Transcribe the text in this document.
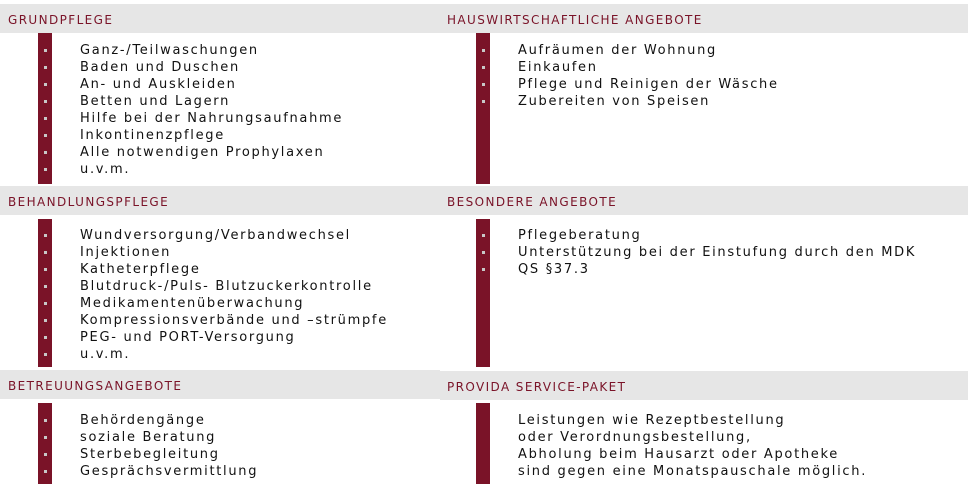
GRUNDPFLEGE	HAUSWIRTSCHAFTLICHE ANGEBOTE
Ganz-/Teilwaschungen
Baden und Duschen
An- und Auskleiden
Betten und Lagern
Hilfe bei der Nahrungsaufnahme
Inkontinenzpflege
Alle notwendigen Prophylaxen
u.v.m.
Aufräumen der Wohnung
Einkaufen
Pflege und Reinigen der Wäsche
Zubereiten von Speisen
BEHANDLUNGSPFLEGE	BESONDERE ANGEBOTE
Wundversorgung/Verbandwechsel
Injektionen
Katheterpflege
Blutdruck-/Puls- Blutzuckerkontrolle
Medikamentenüberwachung
Kompressionsverbände und –strümpfe
PEG- und PORT-Versorgung
u.v.m.
Pflegeberatung
Unterstützung bei der Einstufung durch den MDK
QS §37.3
BETREUUNGSANGEBOTE	PROVIDA SERVICE-PAKET
Behördengänge
soziale Beratung
Sterbebegleitung
Gesprächsvermittlung
Leistungen wie Rezeptbestellung
oder Verordnungsbestellung,
Abholung beim Hausarzt oder Apotheke
sind gegen eine Monatspauschale möglich.
